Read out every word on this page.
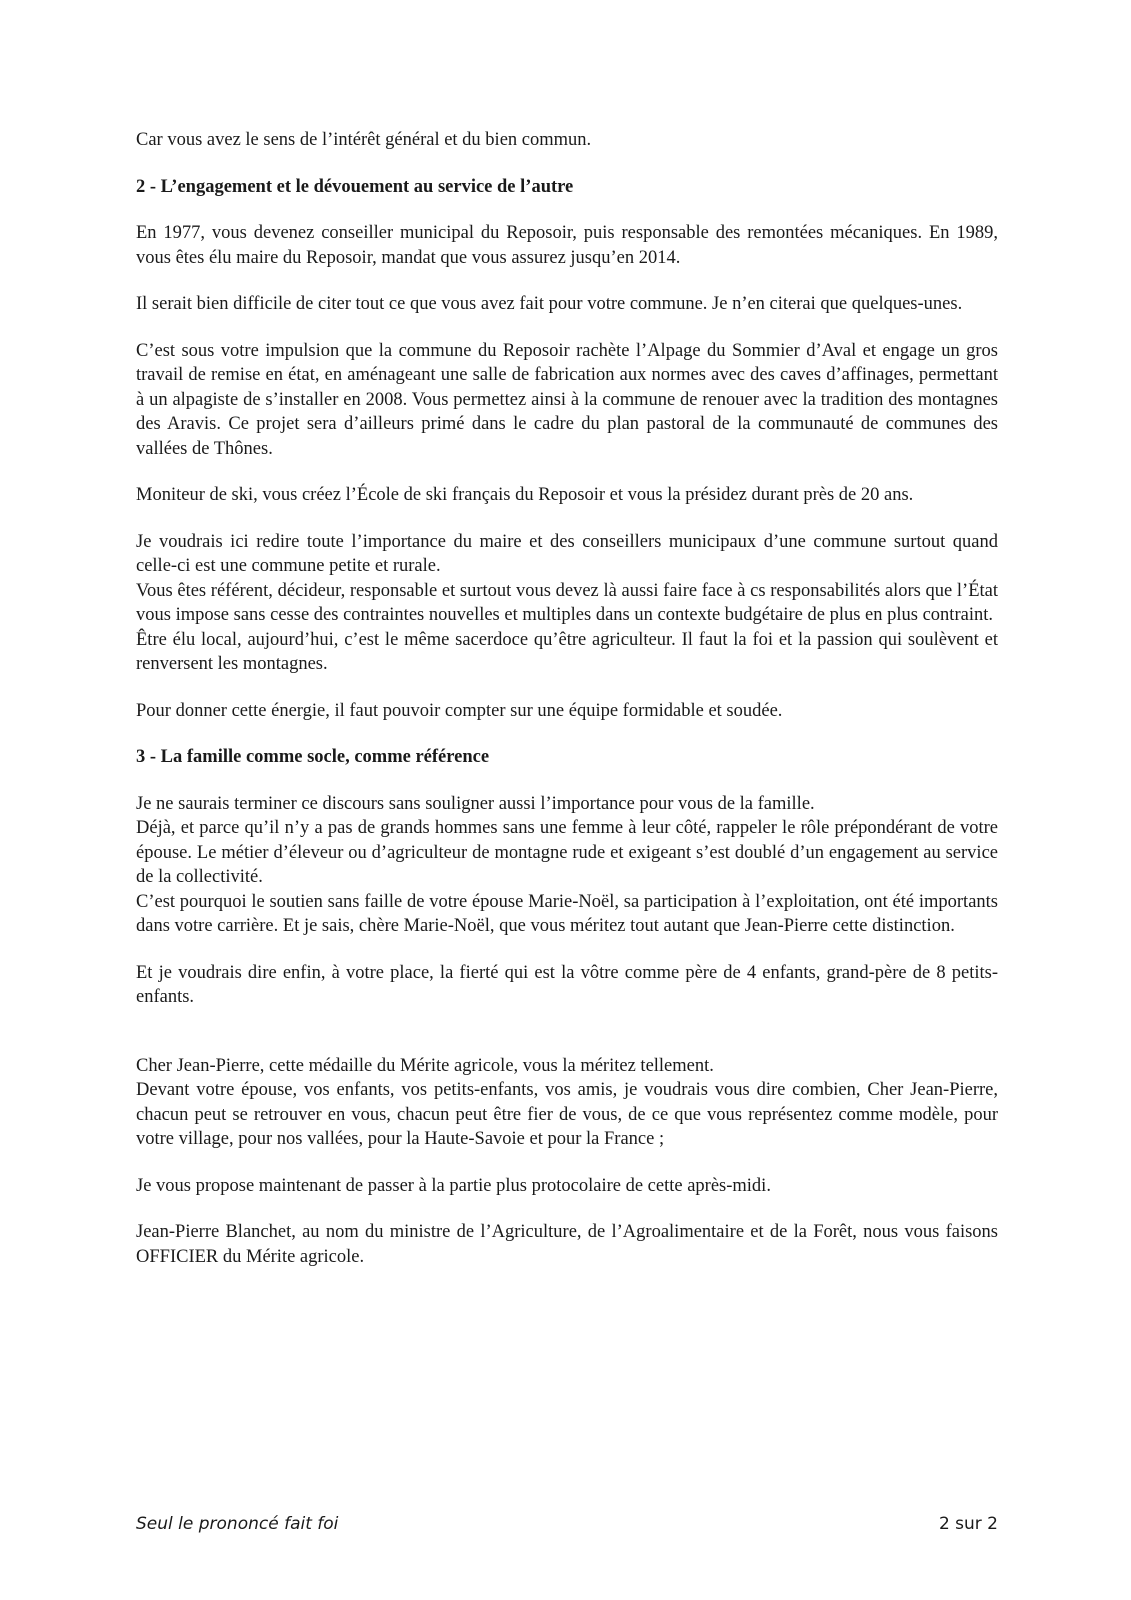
Car vous avez le sens de l’intérêt général et du bien commun.

2 - L’engagement et le dévouement au service de l’autre

En 1977, vous devenez conseiller municipal du Reposoir, puis responsable des remontées mécaniques. En 1989, vous êtes élu maire du Reposoir, mandat que vous assurez jusqu’en 2014.

Il serait bien difficile de citer tout ce que vous avez fait pour votre commune. Je n’en citerai que quelques-unes.

C’est sous votre impulsion que la commune du Reposoir rachète l’Alpage du Sommier d’Aval et engage un gros travail de remise en état, en aménageant une salle de fabrication aux normes avec des caves d’affinages, permettant à un alpagiste de s’installer en 2008. Vous permettez ainsi à la commune de renouer avec la tradition des montagnes des Aravis. Ce projet sera d’ailleurs primé dans le cadre du plan pastoral de la communauté de communes des vallées de Thônes.

Moniteur de ski, vous créez l’École de ski français du Reposoir et vous la présidez durant près de 20 ans.

Je voudrais ici redire toute l’importance du maire et des conseillers municipaux d’une commune surtout quand celle-ci est une commune petite et rurale.

Vous êtes référent, décideur, responsable et surtout vous devez là aussi faire face à cs responsabilités alors que l’État vous impose sans cesse des contraintes nouvelles et multiples dans un contexte budgétaire de plus en plus contraint.

Être élu local, aujourd’hui, c’est le même sacerdoce qu’être agriculteur. Il faut la foi et la passion qui soulèvent et renversent les montagnes.

Pour donner cette énergie, il faut pouvoir compter sur une équipe formidable et soudée.

3 - La famille comme socle, comme référence

Je ne saurais terminer ce discours sans souligner aussi l’importance pour vous de la famille.

Déjà, et parce qu’il n’y a pas de grands hommes sans une femme à leur côté, rappeler le rôle prépondérant de votre épouse. Le métier d’éleveur ou d’agriculteur de montagne rude et exigeant s’est doublé d’un engagement au service de la collectivité.

C’est pourquoi le soutien sans faille de votre épouse Marie-Noël, sa participation à l’exploitation, ont été importants dans votre carrière. Et je sais, chère Marie-Noël, que vous méritez tout autant que Jean-Pierre cette distinction.

Et je voudrais dire enfin, à votre place, la fierté qui est la vôtre comme père de 4 enfants, grand-père de 8 petits-enfants.

Cher Jean-Pierre, cette médaille du Mérite agricole, vous la méritez tellement.

Devant votre épouse, vos enfants, vos petits-enfants, vos amis, je voudrais vous dire combien, Cher Jean-Pierre, chacun peut se retrouver en vous, chacun peut être fier de vous, de ce que vous représentez comme modèle, pour votre village, pour nos vallées, pour la Haute-Savoie et pour la France ;

Je vous propose maintenant de passer à la partie plus protocolaire de cette après-midi.

Jean-Pierre Blanchet, au nom du ministre de l’Agriculture, de l’Agroalimentaire et de la Forêt, nous vous faisons OFFICIER du Mérite agricole.

Seul le prononcé fait foi	2 sur 2
